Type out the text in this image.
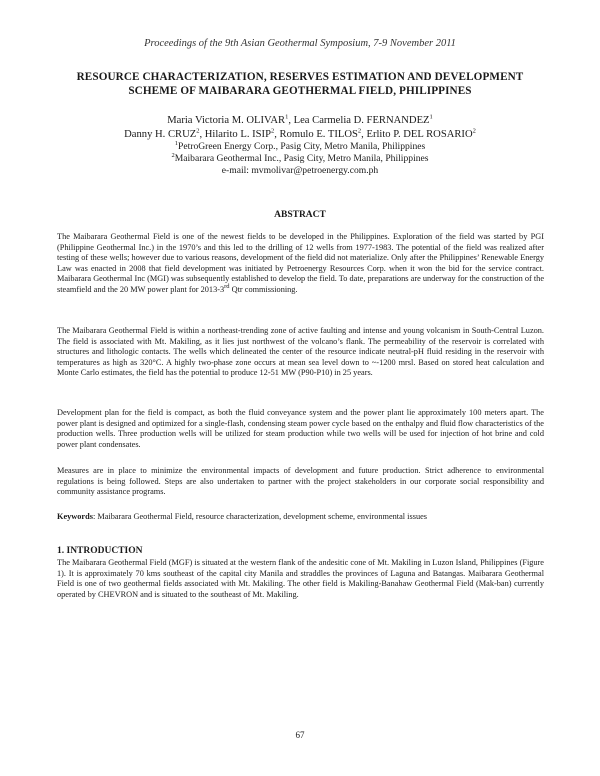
Proceedings of the 9th Asian Geothermal Symposium, 7-9 November 2011
RESOURCE CHARACTERIZATION, RESERVES ESTIMATION AND DEVELOPMENT
SCHEME OF MAIBARARA GEOTHERMAL FIELD, PHILIPPINES
Maria Victoria M. OLIVAR$^1$, Lea Carmelia D. FERNANDEZ$^1$
Danny H. CRUZ$^2$, Hilarito L. ISIP$^2$, Romulo E. TILOS$^2$, Erlito P. DEL ROSARIO$^2$
$^1$PetroGreen Energy Corp., Pasig City, Metro Manila, Philippines
$^2$Maibarara Geothermal Inc., Pasig City, Metro Manila, Philippines
e-mail: mvmolivar@petroenergy.com.ph
ABSTRACT

The Maibarara Geothermal Field is one of the newest fields to be developed in the Philippines. Exploration of the field was started by PGI (Philippine Geothermal Inc.) in the 1970’s and this led to the drilling of 12 wells from 1977-1983. The potential of the field was realized after testing of these wells; however due to various reasons, development of the field did not materialize. Only after the Philippines’ Renewable Energy Law was enacted in 2008 that field development was initiated by Petroenergy Resources Corp. when it won the bid for the service contract. Maibarara Geothermal Inc (MGI) was subsequently established to develop the field. To date, preparations are underway for the construction of the steamfield and the 20 MW power plant for 2013-3rd Qtr commissioning.

The Maibarara Geothermal Field is within a northeast-trending zone of active faulting and intense and young volcanism in South-Central Luzon. The field is associated with Mt. Makiling, as it lies just northwest of the volcano’s flank. The permeability of the reservoir is correlated with structures and lithologic contacts. The wells which delineated the center of the resource indicate neutral-pH fluid residing in the reservoir with temperatures as high as 320°C. A highly two-phase zone occurs at mean sea level down to ~-1200 mrsl. Based on stored heat calculation and Monte Carlo estimates, the field has the potential to produce 12-51 MW (P90-P10) in 25 years.

Development plan for the field is compact, as both the fluid conveyance system and the power plant lie approximately 100 meters apart. The power plant is designed and optimized for a single-flash, condensing steam power cycle based on the enthalpy and fluid flow characteristics of the production wells. Three production wells will be utilized for steam production while two wells will be used for injection of hot brine and cold power plant condensates.

Measures are in place to minimize the environmental impacts of development and future production. Strict adherence to environmental regulations is being followed. Steps are also undertaken to partner with the project stakeholders in our corporate social responsibility and community assistance programs.

Keywords: Maibarara Geothermal Field, resource characterization, development scheme, environmental issues

1. INTRODUCTION

The Maibarara Geothermal Field (MGF) is situated at the western flank of the andesitic cone of Mt. Makiling in Luzon Island, Philippines (Figure 1). It is approximately 70 kms southeast of the capital city Manila and straddles the provinces of Laguna and Batangas. Maibarara Geothermal Field is one of two geothermal fields associated with Mt. Makiling. The other field is Makiling-Banahaw Geothermal Field (Mak-ban) currently operated by CHEVRON and is situated to the southeast of Mt. Makiling.

67
